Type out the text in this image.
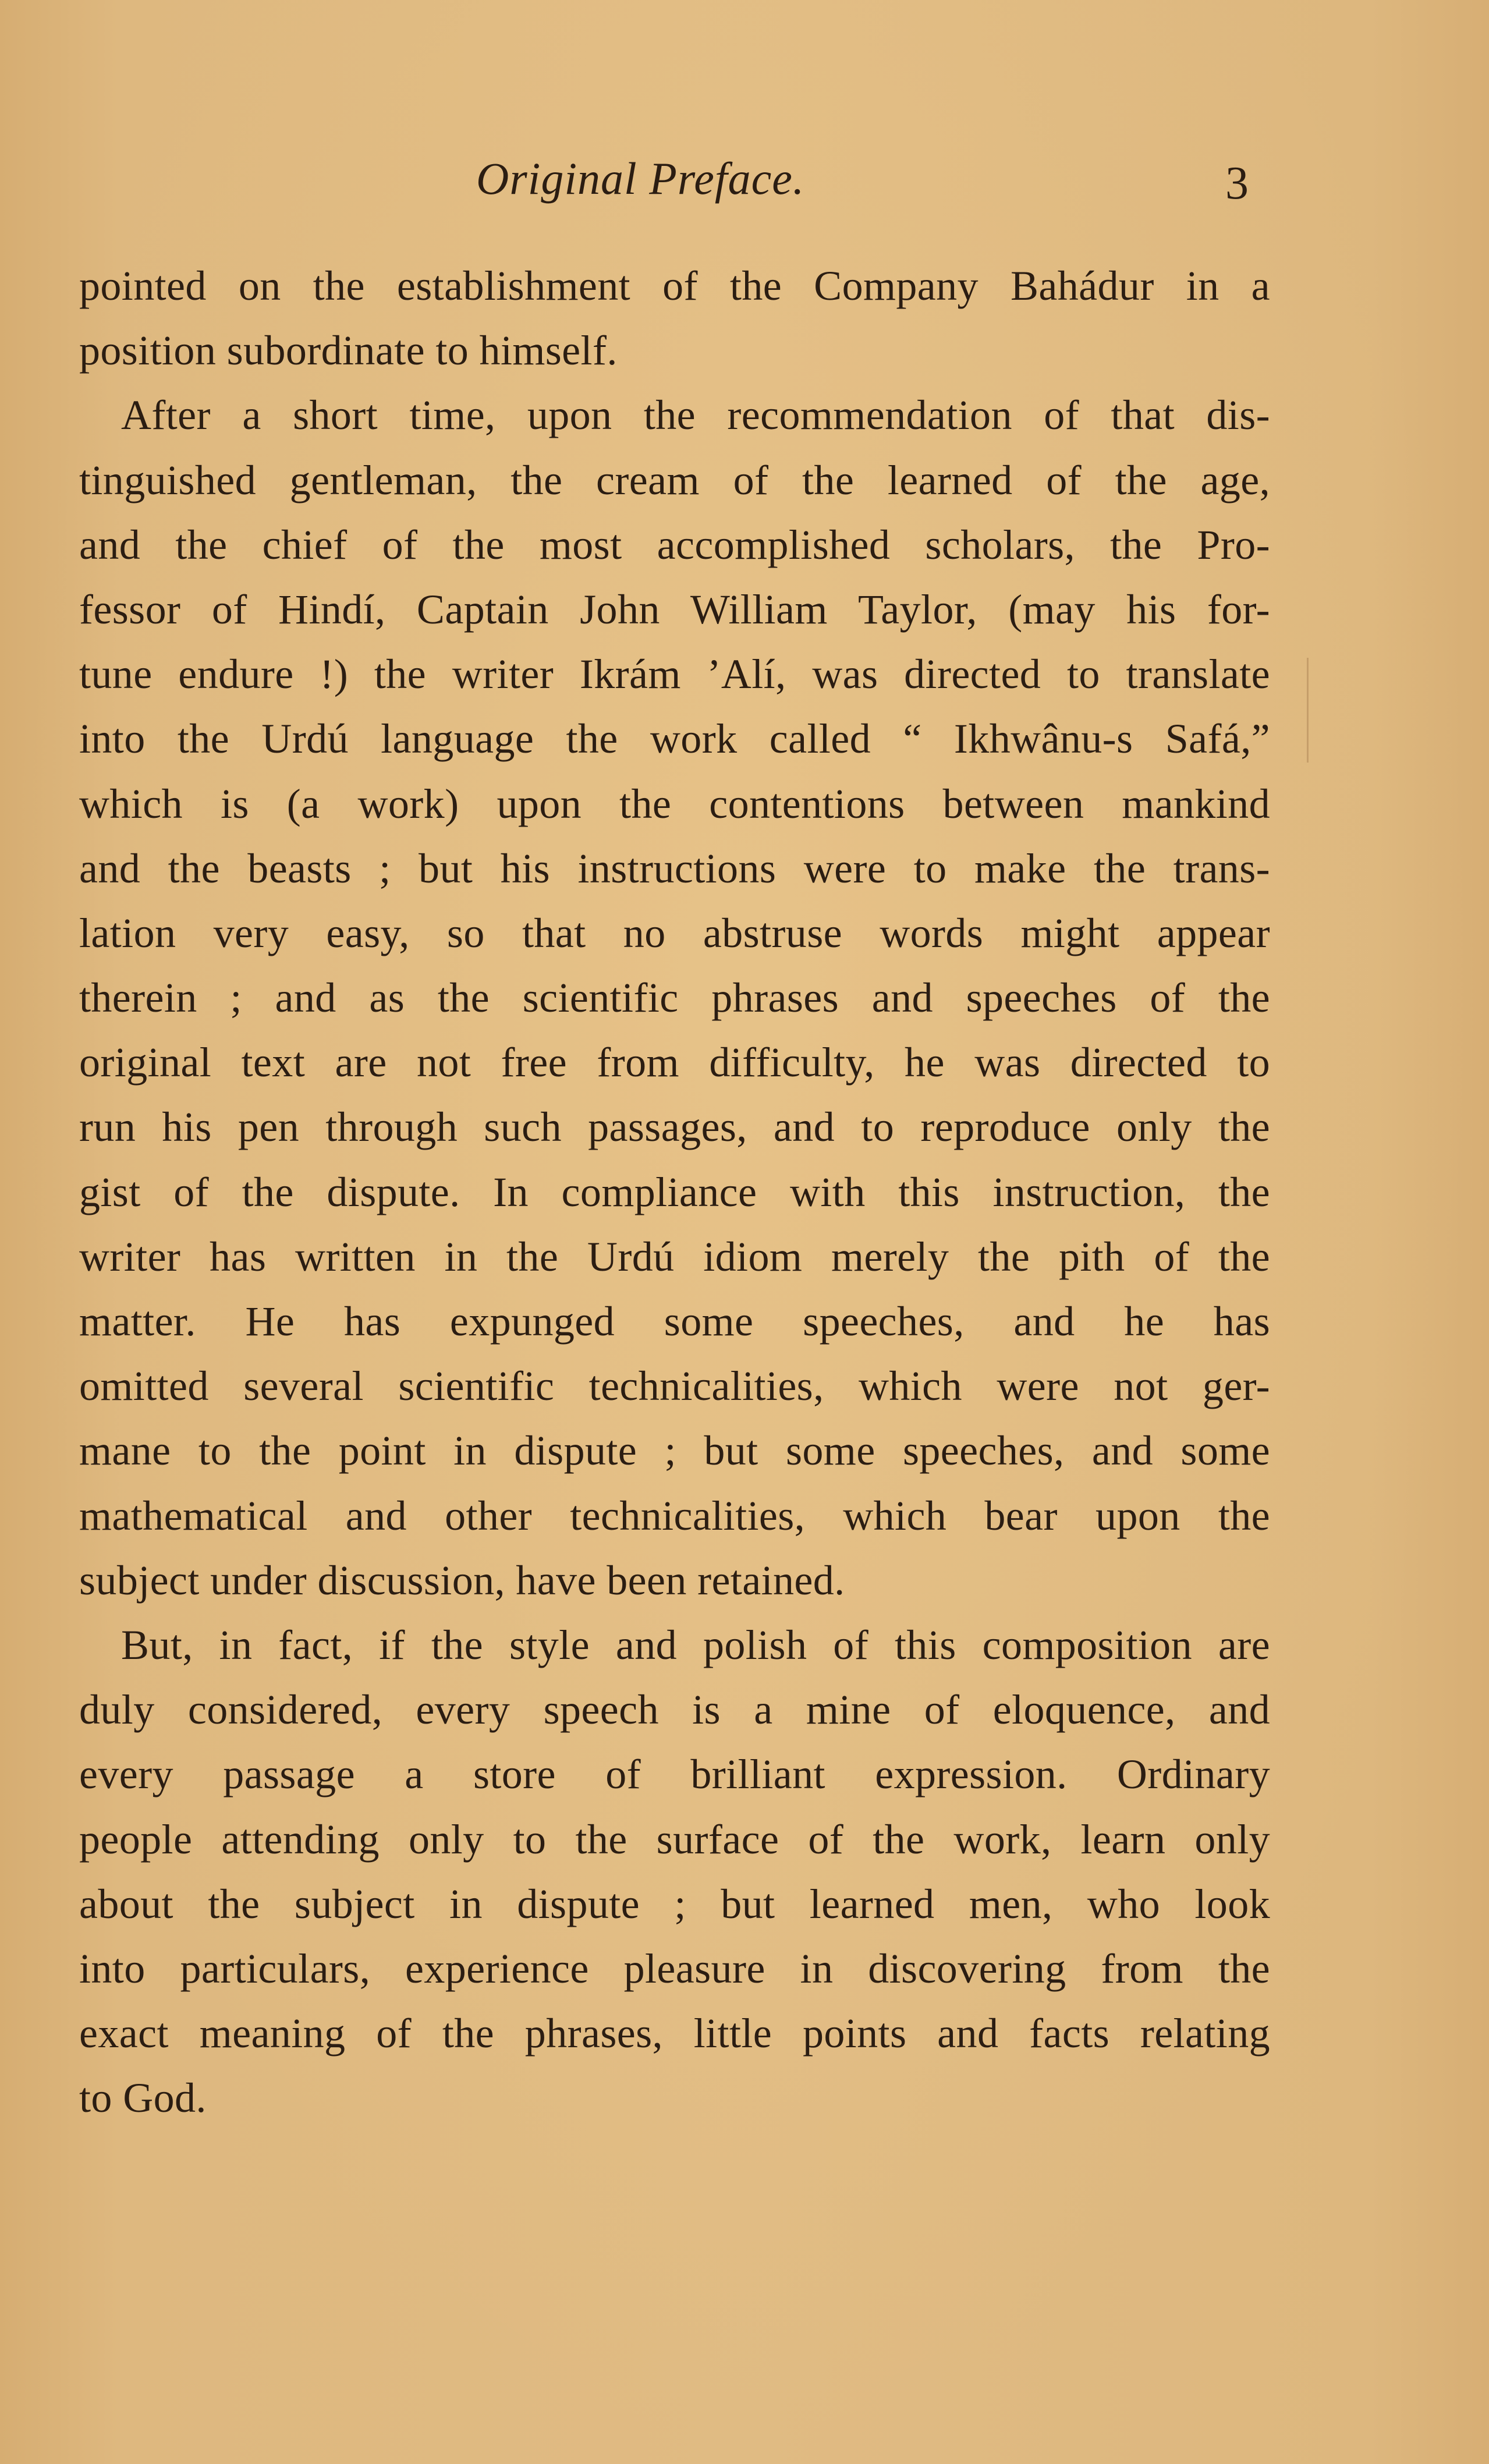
Original Preface.	3
pointed on the establishment of the Company Bahádur in a
position subordinate to himself.
After a short time, upon the recommendation of that dis-
tinguished gentleman, the cream of the learned of the age,
and the chief of the most accomplished scholars, the Pro-
fessor of Hindí, Captain John William Taylor, (may his for-
tune endure !) the writer Ikrám ’Alí, was directed to translate
into the Urdú language the work called “ Ikhwânu-s Safá,”
which is (a work) upon the contentions between mankind
and the beasts ; but his instructions were to make the trans-
lation very easy, so that no abstruse words might appear
therein ; and as the scientific phrases and speeches of the
original text are not free from difficulty, he was directed to
run his pen through such passages, and to reproduce only the
gist of the dispute. In compliance with this instruction, the
writer has written in the Urdú idiom merely the pith of the
matter. He has expunged some speeches, and he has
omitted several scientific technicalities, which were not ger-
mane to the point in dispute ; but some speeches, and some
mathematical and other technicalities, which bear upon the
subject under discussion, have been retained.
But, in fact, if the style and polish of this composition are
duly considered, every speech is a mine of eloquence, and
every passage a store of brilliant expression. Ordinary
people attending only to the surface of the work, learn only
about the subject in dispute ; but learned men, who look
into particulars, experience pleasure in discovering from the
exact meaning of the phrases, little points and facts relating
to God.
